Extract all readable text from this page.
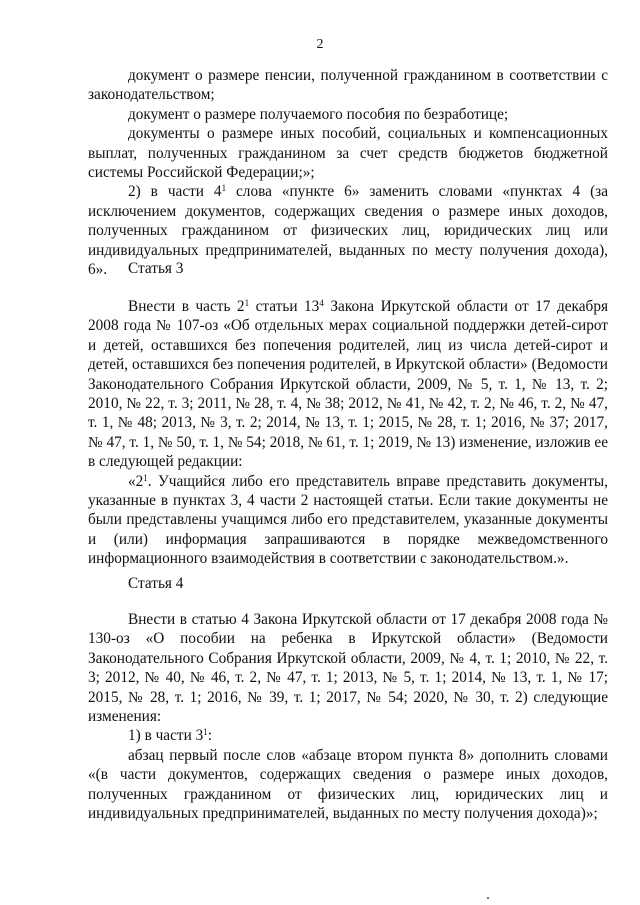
2

документ о размере пенсии, полученной гражданином в соответствии с законодательством;

документ о размере получаемого пособия по безработице;

документы о размере иных пособий, социальных и компенсационных выплат, полученных гражданином за счет средств бюджетов бюджетной системы Российской Федерации;»;

2) в части $4^1$ слова «пункте 6» заменить словами «пунктах 4 (за исключением документов, содержащих сведения о размере иных доходов, полученных гражданином от физических лиц, юридических лиц или индивидуальных предпринимателей, выданных по месту получения дохода), 6».	Статья 3

Внести в часть $2^1$ статьи $13^4$ Закона Иркутской области от 17 декабря 2008 года № 107-оз «Об отдельных мерах социальной поддержки детей-сирот и детей, оставшихся без попечения родителей, лиц из числа детей-сирот и детей, оставшихся без попечения родителей, в Иркутской области» (Ведомости Законодательного Собрания Иркутской области, 2009, № 5, т. 1, № 13, т. 2; 2010, № 22, т. 3; 2011, № 28, т. 4, № 38; 2012, № 41, № 42, т. 2, № 46, т. 2, № 47, т. 1, № 48; 2013, № 3, т. 2; 2014, № 13, т. 1; 2015, № 28, т. 1; 2016, № 37; 2017, № 47, т. 1, № 50, т. 1, № 54; 2018, № 61, т. 1; 2019, № 13) изменение, изложив ее в следующей редакции:

«$2^1$. Учащийся либо его представитель вправе представить документы, указанные в пунктах 3, 4 части 2 настоящей статьи. Если такие документы не были представлены учащимся либо его представителем, указанные документы и (или) информация запрашиваются в порядке межведомственного информационного взаимодействия в соответствии с законодательством.».

Статья 4

Внести в статью 4 Закона Иркутской области от 17 декабря 2008 года № 130-оз «О пособии на ребенка в Иркутской области» (Ведомости Законодательного Собрания Иркутской области, 2009, № 4, т. 1; 2010, № 22, т. 3; 2012, № 40, № 46, т. 2, № 47, т. 1; 2013, № 5, т. 1; 2014, № 13, т. 1, № 17; 2015, № 28, т. 1; 2016, № 39, т. 1; 2017, № 54; 2020, № 30, т. 2) следующие изменения:

1) в части $3^1$:

абзац первый после слов «абзаце втором пункта 8» дополнить словами «(в части документов, содержащих сведения о размере иных доходов, полученных гражданином от физических лиц, юридических лиц и индивидуальных предпринимателей, выданных по месту получения дохода)»;
